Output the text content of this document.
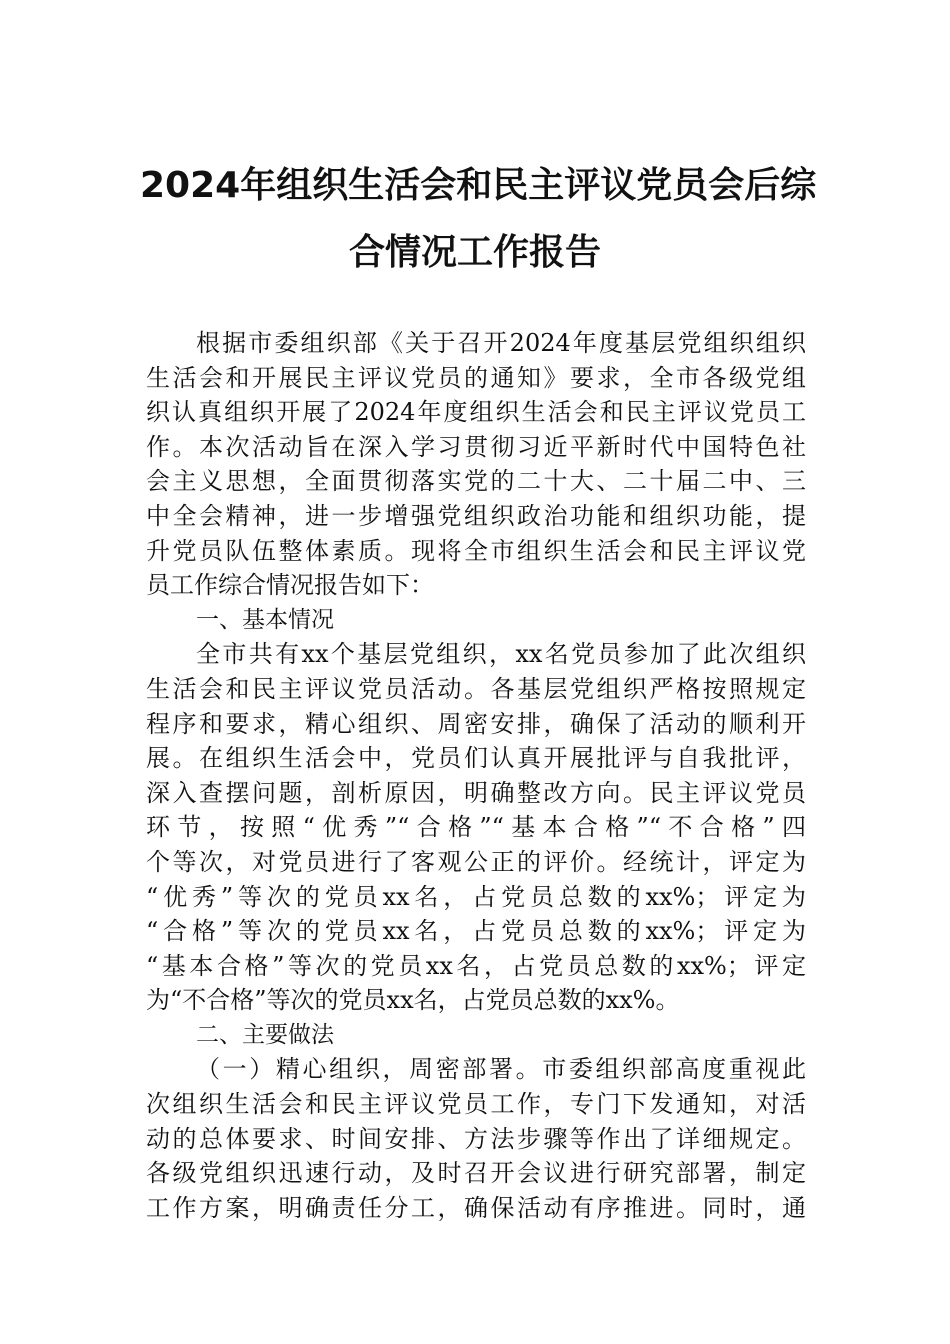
2024年组织生活会和民主评议党员会后综
合情况工作报告
根据市委组织部《关于召开2024年度基层党组织组织
生活会和开展民主评议党员的通知》要求，全市各级党组
织认真组织开展了2024年度组织生活会和民主评议党员工
作。本次活动旨在深入学习贯彻习近平新时代中国特色社
会主义思想，全面贯彻落实党的二十大、二十届二中、三
中全会精神，进一步增强党组织政治功能和组织功能，提
升党员队伍整体素质。现将全市组织生活会和民主评议党
员工作综合情况报告如下：
一、基本情况
全市共有xx个基层党组织，xx名党员参加了此次组织
生活会和民主评议党员活动。各基层党组织严格按照规定
程序和要求，精心组织、周密安排，确保了活动的顺利开
展。在组织生活会中，党员们认真开展批评与自我批评，
深入查摆问题，剖析原因，明确整改方向。民主评议党员
环节，按照“优秀”“合格”“基本合格”“不合格”四
个等次，对党员进行了客观公正的评价。经统计，评定为
“优秀”等次的党员xx名，占党员总数的xx%；评定为
“合格”等次的党员xx名，占党员总数的xx%；评定为
“基本合格”等次的党员xx名，占党员总数的xx%；评定
为“不合格”等次的党员xx名，占党员总数的xx%。
二、主要做法
（一）精心组织，周密部署。市委组织部高度重视此
次组织生活会和民主评议党员工作，专门下发通知，对活
动的总体要求、时间安排、方法步骤等作出了详细规定。
各级党组织迅速行动，及时召开会议进行研究部署，制定
工作方案，明确责任分工，确保活动有序推进。同时，通
